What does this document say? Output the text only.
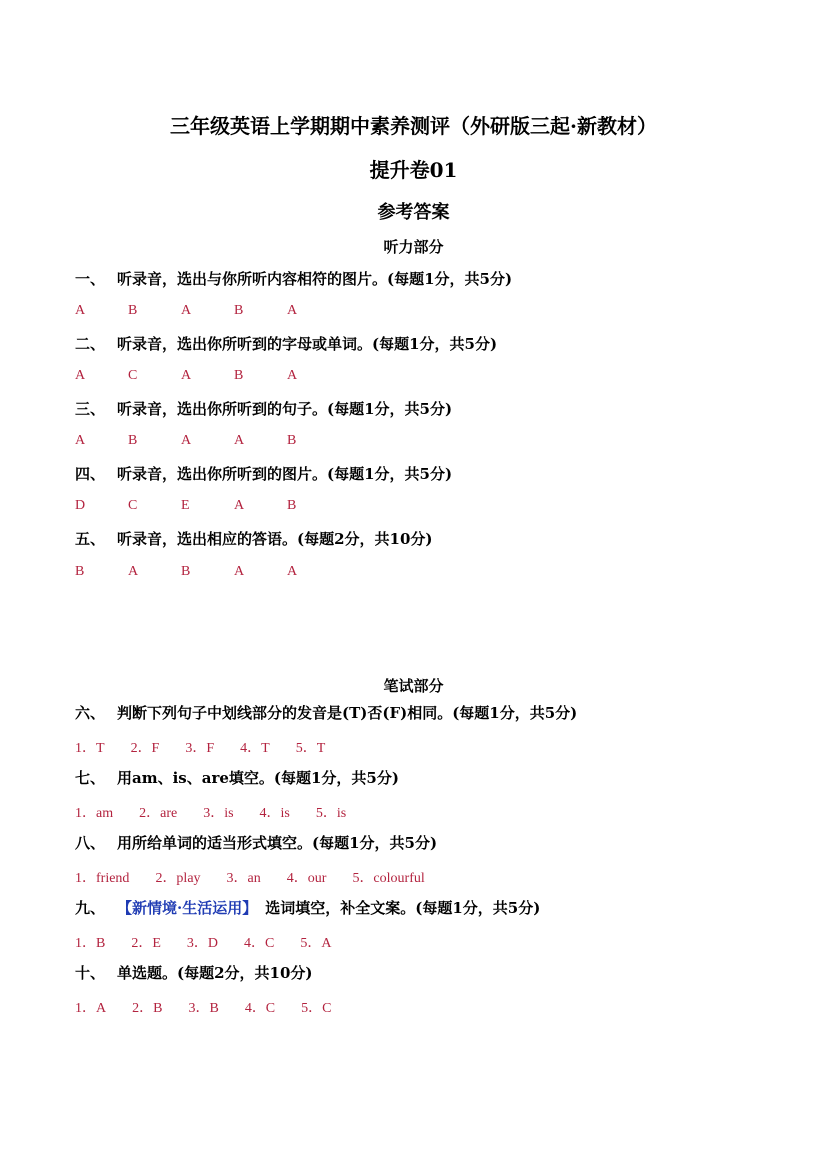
三年级英语上学期期中素养测评（外研版三起·新教材）
提升卷01
参考答案
听力部分
一、 听录音，选出与你所听内容相符的图片。(每题1分，共5分)
A	B	A	B	A
二、 听录音，选出你所听到的字母或单词。(每题1分，共5分)
A	C	A	B	A
三、 听录音，选出你所听到的句子。(每题1分，共5分)
A	B	A	A	B
四、 听录音，选出你所听到的图片。(每题1分，共5分)
D	C	E	A	B
五、 听录音，选出相应的答语。(每题2分，共10分)
B	A	B	A	A
笔试部分
六、 判断下列句子中划线部分的发音是(T)否(F)相同。(每题1分，共5分)
1．T 2．F 3．F 4．T 5．T
七、 用am、is、are填空。(每题1分，共5分)
1．am 2．are 3．is 4．is 5．is
八、 用所给单词的适当形式填空。(每题1分，共5分)
1．friend 2．play 3．an 4．our 5．colourful
九、 【新情境·生活运用】 选词填空，补全文案。(每题1分，共5分)
1．B 2．E 3．D 4．C 5．A
十、 单选题。(每题2分，共10分)
1．A 2．B 3．B 4．C 5．C
